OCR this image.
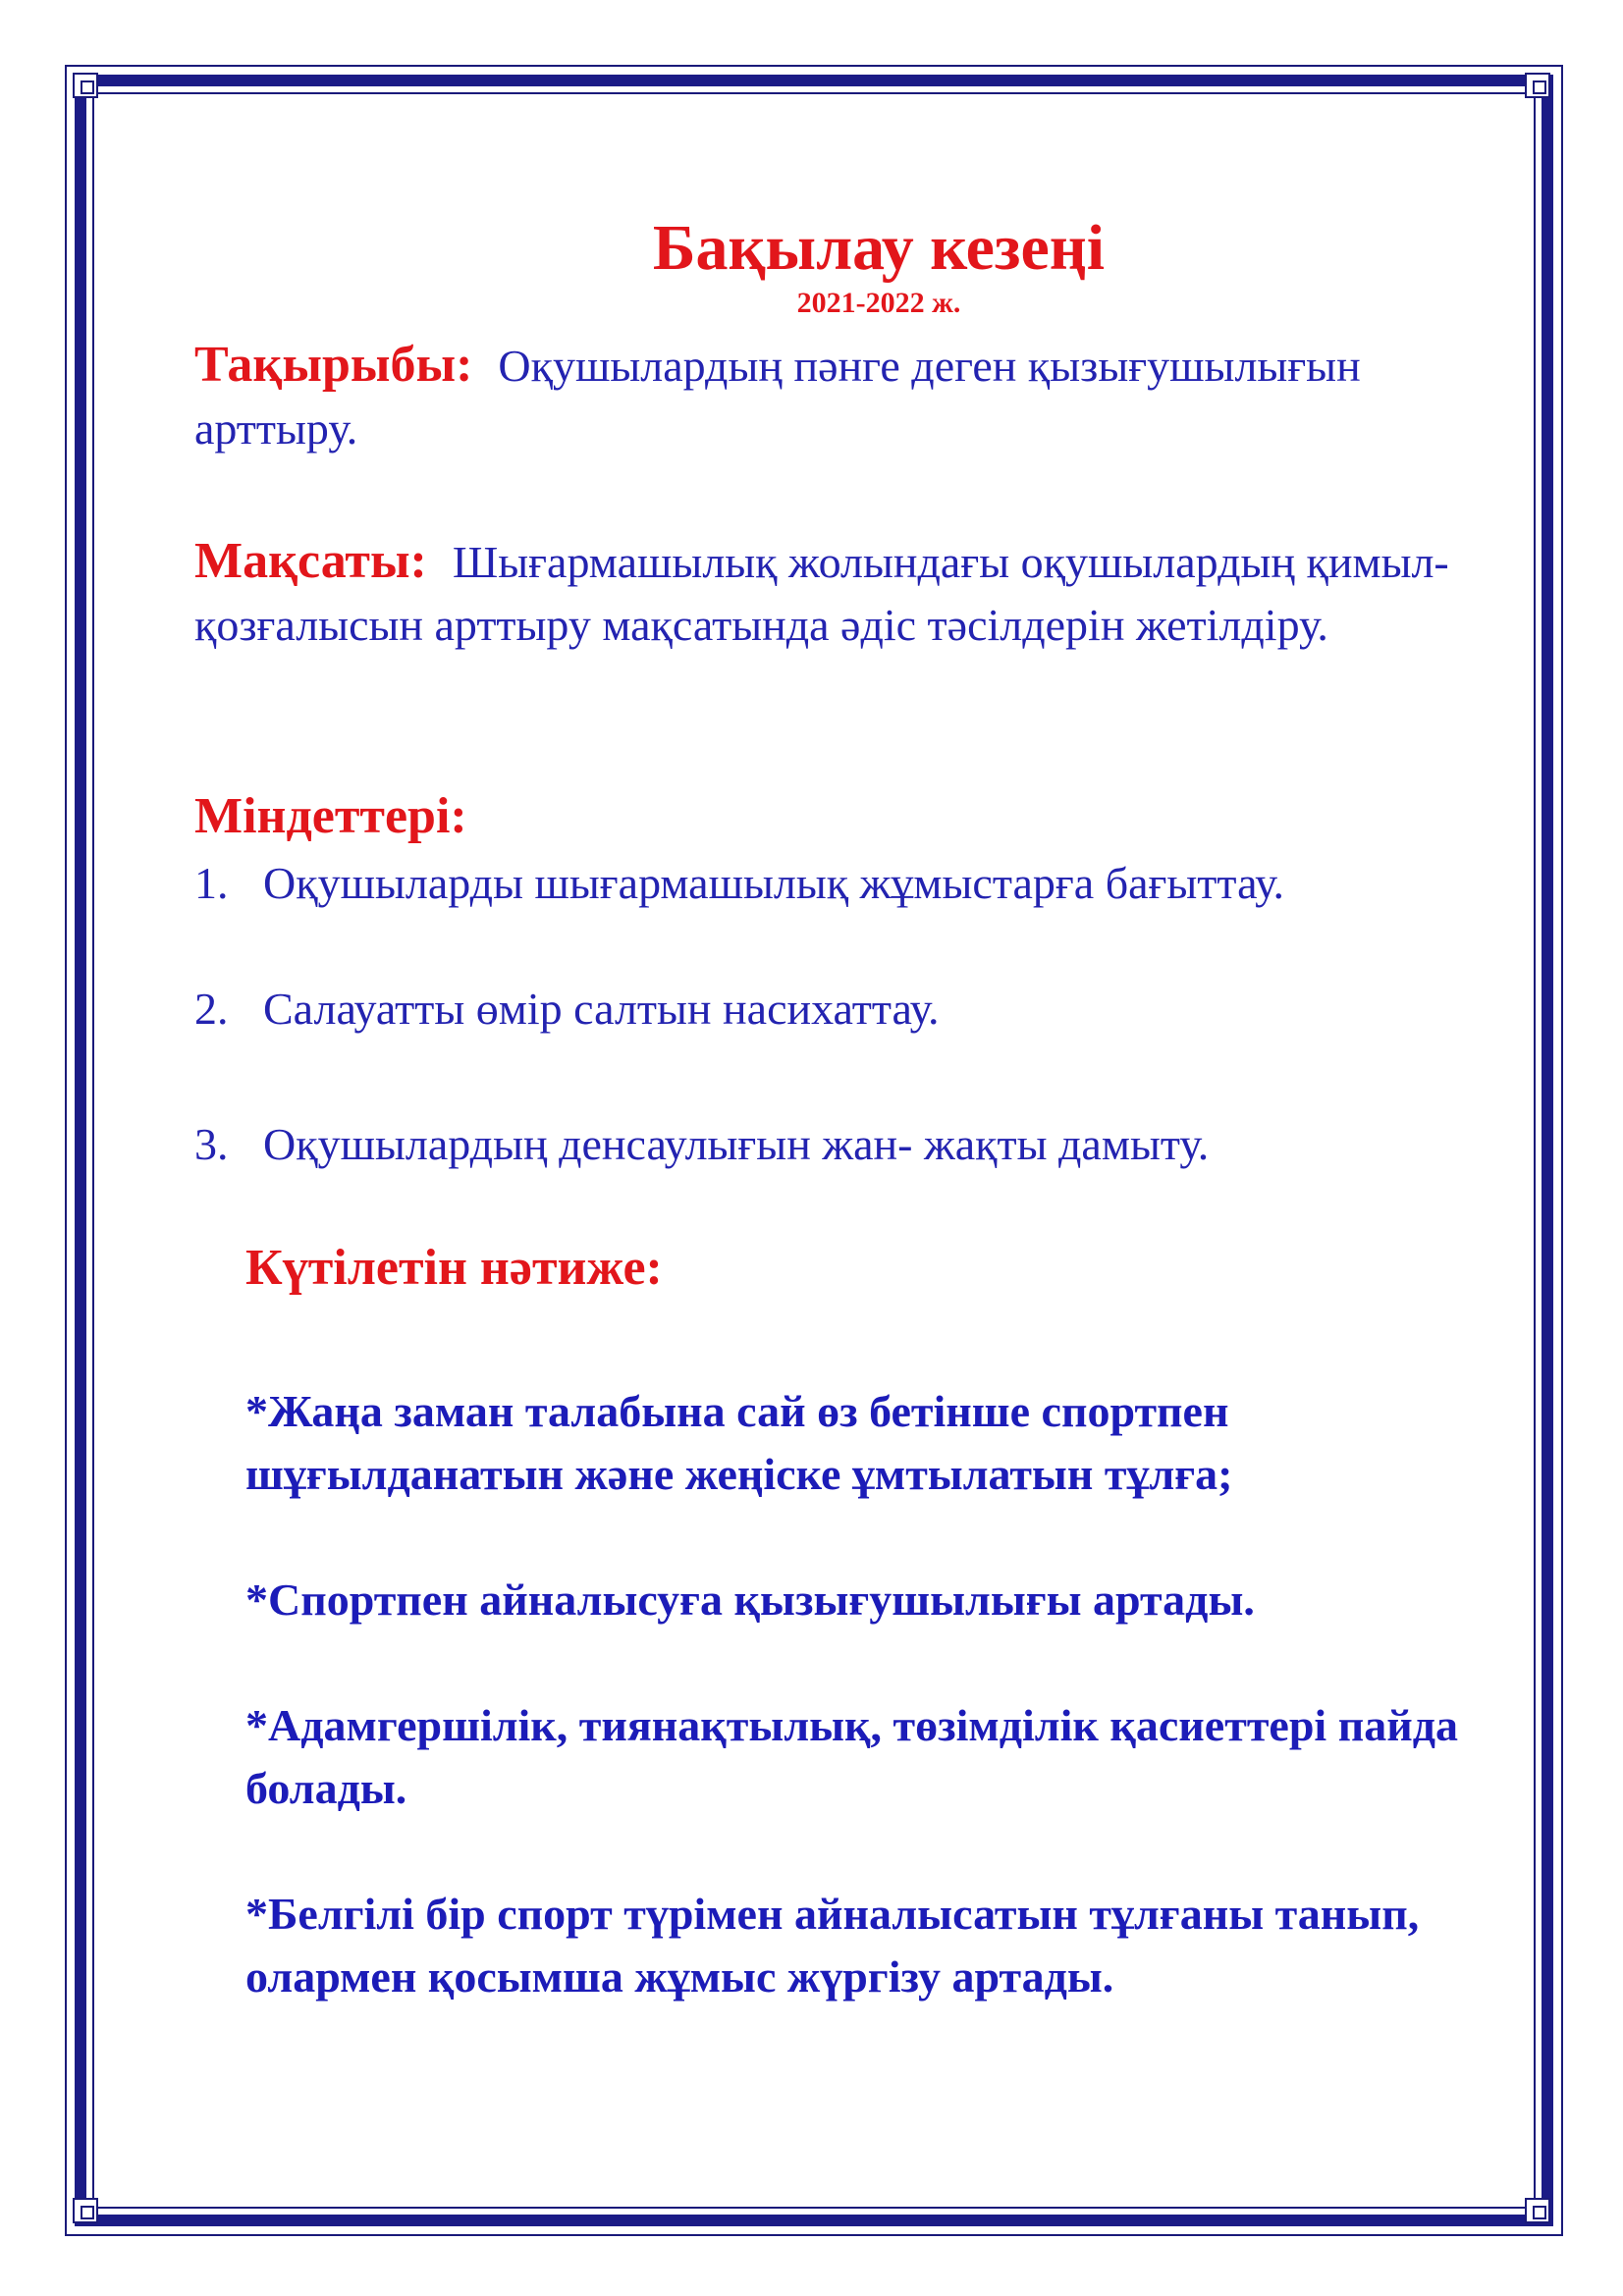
Бақылау кезеңі
2021-2022 ж.
Тақырыбы: Оқушылардың пәнге деген қызығушылығын арттыру.
Мақсаты: Шығармашылық жолындағы оқушылардың қимыл- қозғалысын арттыру мақсатында әдіс тәсілдерін жетілдіру.
Міндеттері:
1. Оқушыларды шығармашылық жұмыстарға бағыттау.
2. Салауатты өмір салтын насихаттау.
3. Оқушылардың денсаулығын жан- жақты дамыту.
Күтілетін нәтиже:
*Жаңа заман талабына сай өз бетінше спортпен шұғылданатын және жеңіске ұмтылатын тұлға;
*Спортпен айналысуға қызығушылығы артады.
*Адамгершілік, тиянақтылық, төзімділік қасиеттері пайда болады.
*Белгілі бір спорт түрімен айналысатын тұлғаны танып, олармен қосымша жұмыс жүргізу артады.
